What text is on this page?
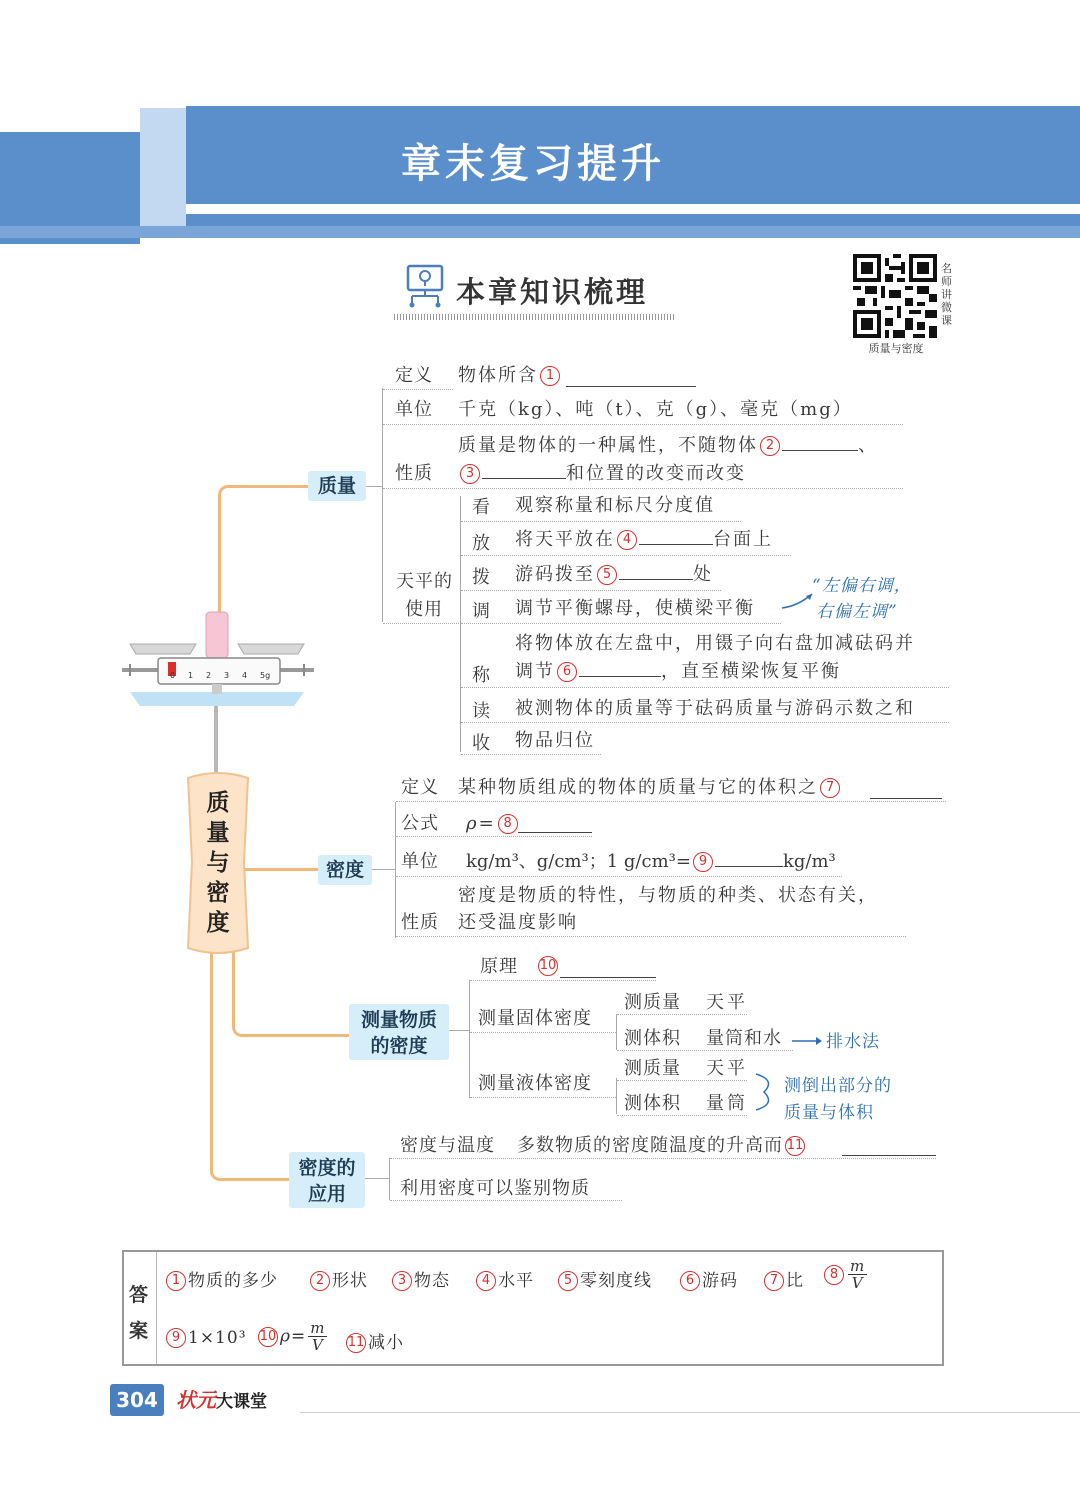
章末复习提升
本章知识梳理
名师讲微课
质量与密度
0 1 2 3 4 5g
质量与密度
质量
定义 物体所含 1
单位 千克（kg）、吨（t）、克（g）、毫克（mg）
性质
质量是物体的一种属性，不随物体 2	、
3	和位置的改变而改变
天平的
使用
看 观察称量和标尺分度值
放 将天平放在 4	台面上
拨 游码拨至 5	处
调 调节平衡螺母，使横梁平衡
“左偏右调，
右偏左调”
称
将物体放在左盘中，用镊子向右盘加减砝码并
调节 6	，直至横梁恢复平衡
读 被测物体的质量等于砝码质量与游码示数之和
收 物品归位
密度
定义 某种物质组成的物体的质量与它的体积之 7
公式 ρ= 8
单位 kg/m³、g/cm³；1 g/cm³= 9	kg/m³
性质
密度是物质的特性，与物质的种类、状态有关，
还受温度影响
测量物质
的密度
原理 10
测量固体密度
测质量 天平
测体积 量筒和水	排水法
测量液体密度
测质量 天平
测体积 量筒
测倒出部分的
质量与体积
密度的
应用
密度与温度 多数物质的密度随温度的升高而 11
利用密度可以鉴别物质
答
案
1 物质的多少	2 形状	3 物态	4 水平	5 零刻度线	6 游码	7 比	$8 \frac{m}{V}$
9 1×10³ 10 $\rho= \frac{m}{V} 11$ 减小
304 状元大课堂
